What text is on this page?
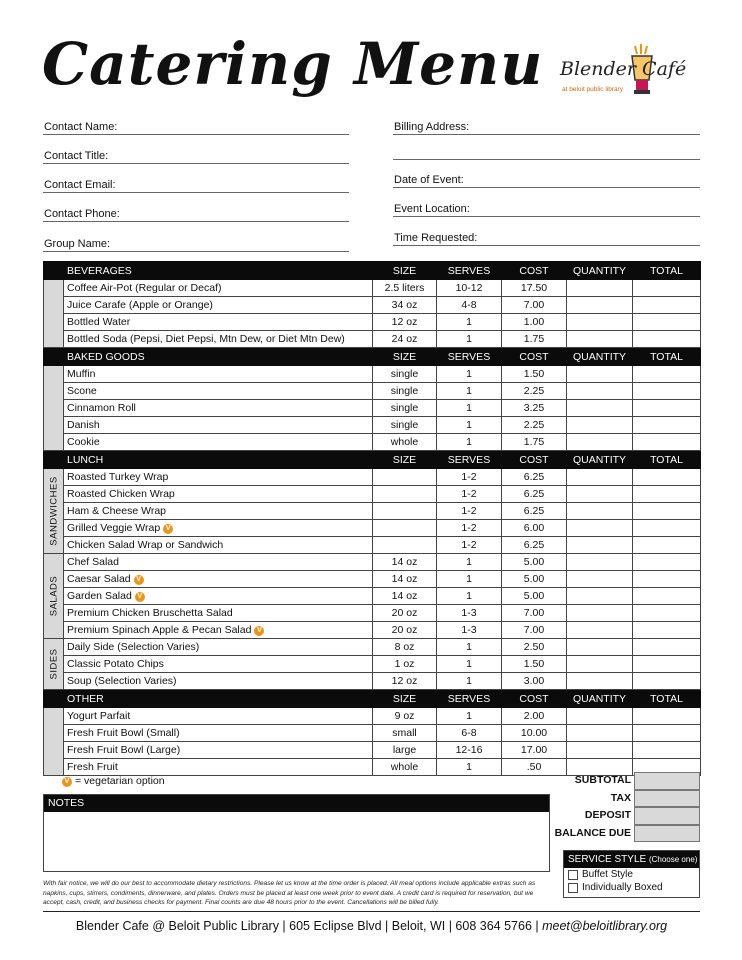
Catering Menu Blender Café
at beloit public library
Contact Name:
Contact Title:
Contact Email:
Contact Phone:
Group Name:
Billing Address:
Date of Event:
Event Location:
Time Requested:
	BEVERAGES	SIZE	SERVES	COST	QUANTITY	TOTAL
	Coffee Air-Pot (Regular or Decaf)	2.5 liters	10-12	17.50		
	Juice Carafe (Apple or Orange)	34 oz	4-8	7.00		
	Bottled Water	12 oz	1	1.00		
	Bottled Soda (Pepsi, Diet Pepsi, Mtn Dew, or Diet Mtn Dew)	24 oz	1	1.75		
	BAKED GOODS	SIZE	SERVES	COST	QUANTITY	TOTAL
	Muffin	single	1	1.50		
	Scone	single	1	2.25		
	Cinnamon Roll	single	1	3.25		
	Danish	single	1	2.25		
	Cookie	whole	1	1.75		
	LUNCH	SIZE	SERVES	COST	QUANTITY	TOTAL

SANDWICHES	Roasted Turkey Wrap		1-2	6.25		
	Roasted Chicken Wrap		1-2	6.25		
	Ham & Cheese Wrap		1-2	6.25		
	Grilled Veggie Wrap V		1-2	6.00		
	Chicken Salad Wrap or Sandwich		1-2	6.25		

SALADS	Chef Salad	14 oz	1	5.00		
	Caesar Salad V	14 oz	1	5.00		
	Garden Salad V	14 oz	1	5.00		
	Premium Chicken Bruschetta Salad	20 oz	1-3	7.00		
	Premium Spinach Apple & Pecan Salad V	20 oz	1-3	7.00		

SIDES	Daily Side (Selection Varies)	8 oz	1	2.50		
	Classic Potato Chips	1 oz	1	1.50		
	Soup (Selection Varies)	12 oz	1	3.00		
	OTHER	SIZE	SERVES	COST	QUANTITY	TOTAL
	Yogurt Parfait	9 oz	1	2.00		
	Fresh Fruit Bowl (Small)	small	6-8	10.00		
	Fresh Fruit Bowl (Large)	large	12-16	17.00		
	Fresh Fruit	whole	1	.50		
V = vegetarian option	SUBTOTAL
TAX
DEPOSIT
BALANCE DUE
NOTES
SERVICE STYLE (Choose one)
Buffet Style
Individually Boxed
With fair notice, we will do our best to accommodate dietary restrictions. Please let us know at the time order is placed. All meal options include applicable extras such as napkins, cups, stirrers, condiments, dinnerware, and plates. Orders must be placed at least one week prior to event date. A credit card is required for reservation, but we accept, cash, credit, and business checks for payment. Final counts are due 48 hours prior to the event. Cancellations will be billed fully.
Blender Cafe @ Beloit Public Library | 605 Eclipse Blvd | Beloit, WI | 608 364 5766 | meet@beloitlibrary.org
